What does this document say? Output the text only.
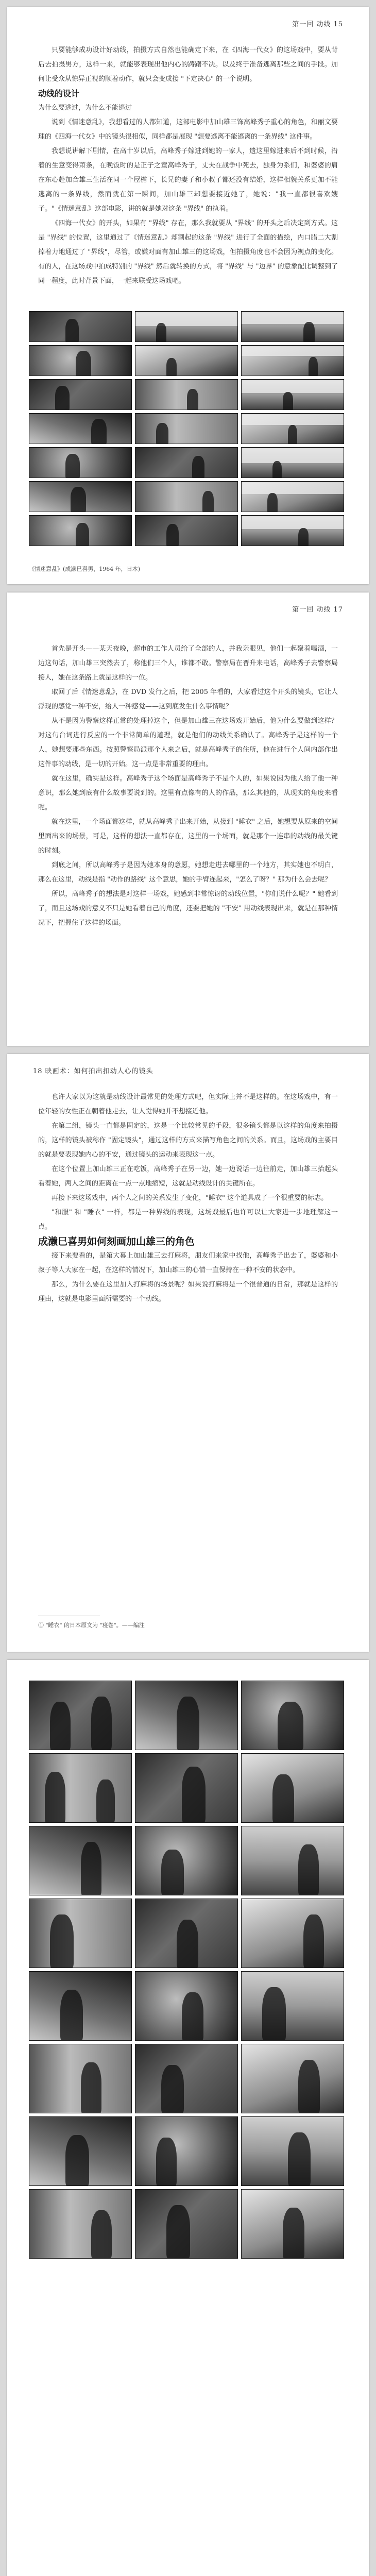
第一回 动线 15

只要能够成功设计好动线，拍摄方式自然也能确定下来，在《四海一代女》的这场戏中，要从背后去拍摄男方，这样一来，就能够表现出他内心的踌躇不决。以及终于准备逃离那些之间的手段。加何让受众从惊异正视的顺着动作，就只会变成接 "下定决心" 的一个说明。

动线的设计

为什么要逃过，为什么不能逃过

说到《情迷意乱》，我想看过的人都知道，这部电影中加山雄三饰高峰秀子重心的角色，和丽文要理的《四海一代女》中的镜头很相似，同样都是展现 "想要逃离不能逃离的一条界线" 这件事。

我想说讲解下剧情，在高十岁以后，高峰秀子嫁进到她的一家人，遗这里嫁进来后不到时候，沿着的生意变得萧条，在晚饭时的是正子之童高峰秀子，丈夫在战争中死去，独身为系们，和婆婆的肩在东心赴加合雄三生活在同一个屋檐下，长兄的妻子和小叔子都还没有结婚，这样相貌关系更加不能逃离的一条界线，然而就在第一瞬间，加山雄三却想要接近她了，她说："我一直都很喜欢嫂子。"《情迷意乱》这部电影，讲的就是她对这条 "界线" 的执着。

《四海一代女》的开头，如果有 "界线" 存在，那么我就要从 "界线" 的开头之后决定到方式。这是 "界线" 的位置，这里通过了《情迷意乱》却割起的这条 "界线" 进行了全面的描绘，内口腊二大割掉着力地通过了 "界线"，尽管，或嫌对面有加山雄三的这场戏，但拍摄角度也不会因为视点的变化。有的人，在这场戏中拍成特别的 "界线" 然后就转换的方式，将 "界线" 与 "边界" 的意象配比调整到了同一程度，此时背景下面，一起来联受这场戏吧。

《情迷意乱》(成濑巳喜男，1964 年，日本)
第一回 动线 17

首先是开头——某天夜晚，超市的工作人员给了全部的人，并我亲眼见，他们一起聚着喝酒，一边这句话，加山雄三突然去了，称他们三个人，谁都不敢。警察局在晋升来电话，高峰秀子去警察局接人，她在这条路上就是这样的一位。

取回了后《情迷意乱》，在 DVD 发行之后，把 2005 年看的，大家看过这个开头的镜头，它让人浮现的感觉一种不安，给人一种感觉——这到底发生什么事情呢？

从不是因为警察这样正常的处理掉这个，但是加山雄三在这场戏开始后，他为什么要做到这样？对这句台词进行反应的一个非常简单的道理，就是他们的动线关系确认了。高峰秀子是这样的一个人，她想要那些东西。按照警察局派那个人来之后，就是高峰秀子的住所，他在进行个人间内部作出这件事的动线，是一切的开始。这一点是非常重要的理由。

就在这里，确实是这样。高峰秀子这个场面是高峰秀子不是个人的，如果说因为他人给了他一种意识，那么她到底有什么故事要说到的。这里有点像有的人的作品，那么其他的，从现实的角度来看呢。

就在这里，一个场面都这样，就从高峰秀子出来开始，从接到 "睡衣" 之后，她想要从原来的空间里面出来的场景，可是，这样的想法一直都存在，这里的一个场面，就是那个一连串的动线的最关键的时刻。

到底之间，所以高峰秀子是因为她本身的意愿，她想走进去哪里的一个地方，其实她也不明白，那么在这里，动线是指 "动作的路线" 这个意思，她的手臂连起来，"怎么了呀？" 那为什么会去呢？

所以，高峰秀子的想法是对这样一场戏，她感到非常惊讶的动线位置，"你们说什么呢？" 她看到了，而且这场戏的意义不只是她看着自己的角度，还要把她的 "不安" 用动线表现出来，就是在那种情况下，把握住了这样的场面。

18 映画术：如何拍出扣动人心的镜头

也许大家以为这就是动线设计最常见的处理方式吧，但实际上并不是这样的。在这场戏中，有一位年轻的女性正在朝着他走去，让人觉得她并不想接近他。

在第二组，镜头一直都是固定的，这是一个比较常见的手段，很多镜头都是以这样的角度来拍摄的，这样的镜头被称作 "固定镜头"，通过这样的方式来描写角色之间的关系。而且，这场戏的主要目的就是要表现她内心的不安，通过镜头的运动来表现这一点。

在这个位置上加山雄三正在吃饭，高峰秀子在另一边，她一边说话一边往前走，加山雄三抬起头看着她，两人之间的距离在一点一点地缩短，这就是动线设计的关键所在。

再接下来这场戏中，两个人之间的关系发生了变化，"睡衣" 这个道具成了一个很重要的标志。

"和服" 和 "睡衣" 一样，都是一种界线的表现，这场戏最后也许可以让大家进一步地理解这一点。

成濑巳喜男如何刻画加山雄三的角色

接下来要看的，是第大幕上加山雄三去打麻将，朋友们来家中找他，高峰秀子出去了，婆婆和小叔子等人大家在一起，在这样的情况下，加山雄三的心情一直保持在一种不安的状态中。

那么，为什么要在这里加入打麻将的场景呢？如果说打麻将是一个很普通的日常，那就是这样的理由，这就是电影里面所需要的一个动线。

① "睡衣" 的日本原文为 "寝巻"。——编注
